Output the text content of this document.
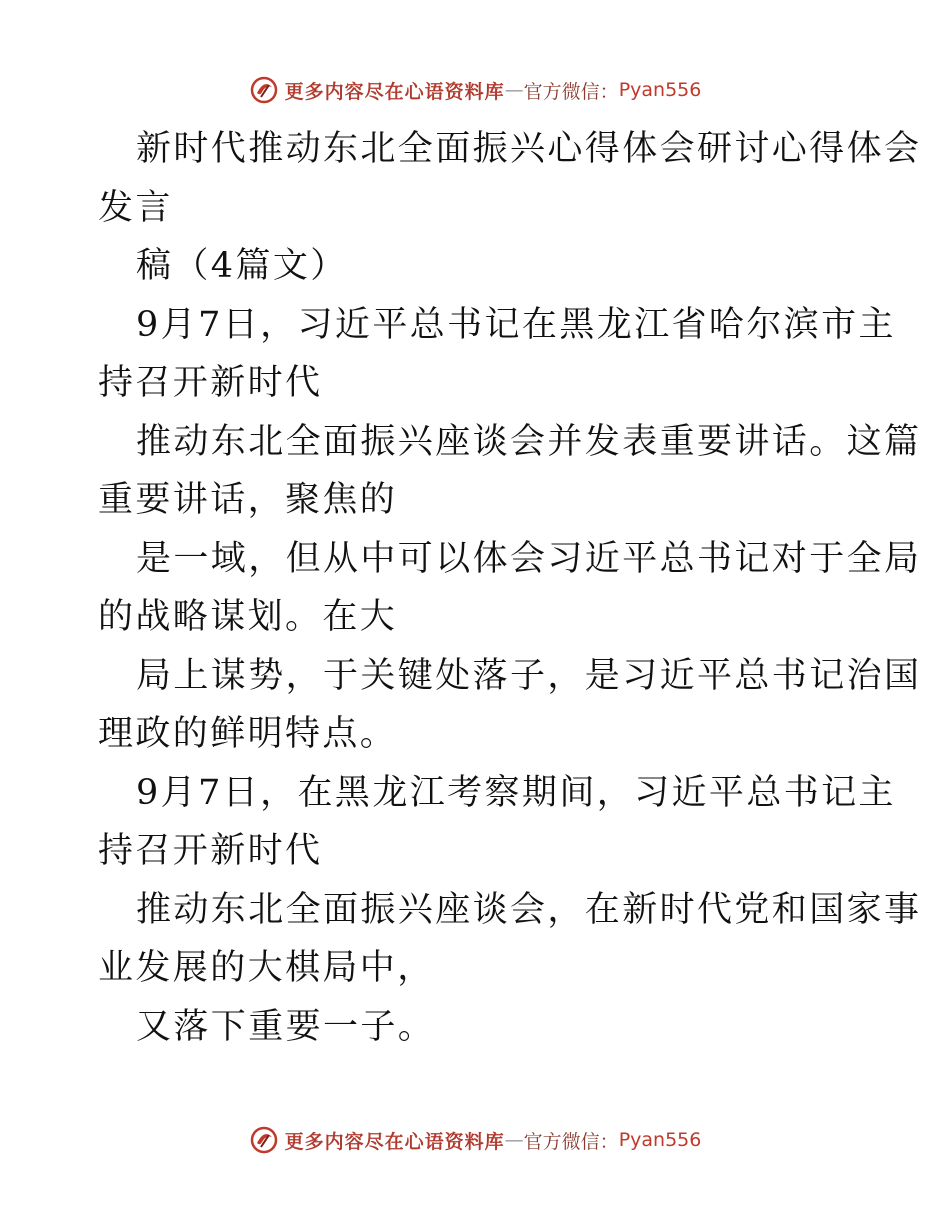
更多内容尽在心语资料库 — 官方微信： Pyan556
新时代推动东北全面振兴心得体会研讨心得体会
发言
稿（4篇文）
9月7日，习近平总书记在黑龙江省哈尔滨市主
持召开新时代
推动东北全面振兴座谈会并发表重要讲话。这篇
重要讲话，聚焦的
是一域，但从中可以体会习近平总书记对于全局
的战略谋划。在大
局上谋势，于关键处落子，是习近平总书记治国
理政的鲜明特点。
9月7日，在黑龙江考察期间，习近平总书记主
持召开新时代
推动东北全面振兴座谈会，在新时代党和国家事
业发展的大棋局中，
又落下重要一子。
更多内容尽在心语资料库 — 官方微信： Pyan556
